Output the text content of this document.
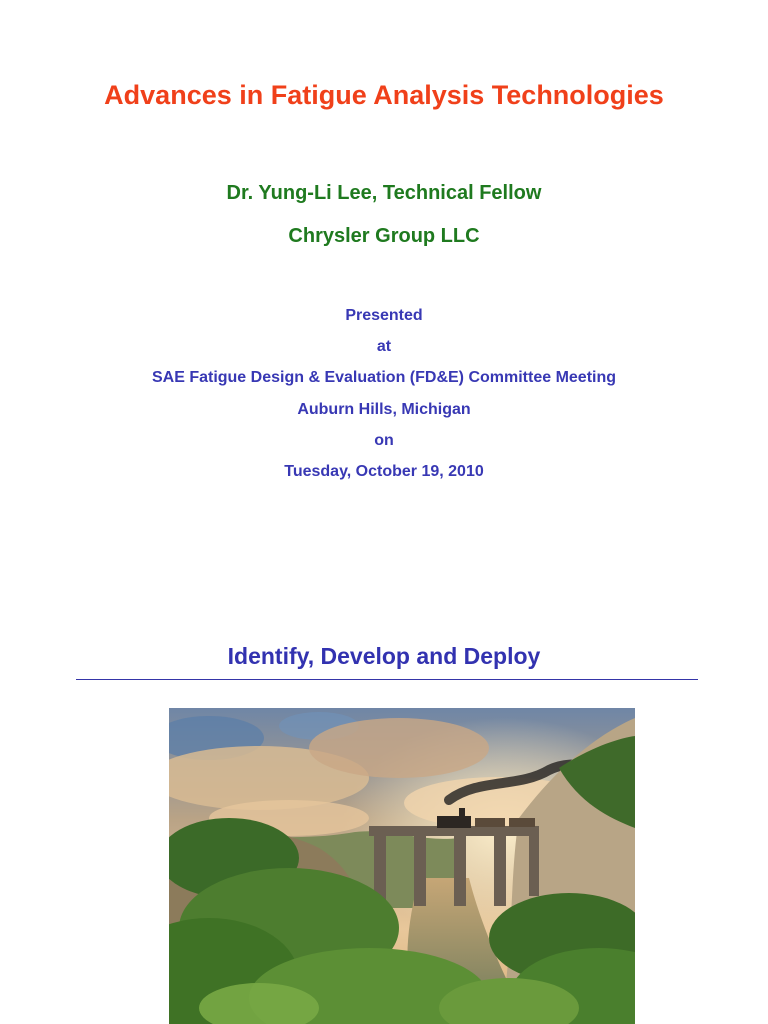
Advances in Fatigue Analysis Technologies
Dr. Yung-Li Lee, Technical Fellow
Chrysler Group LLC
Presented
at
SAE Fatigue Design & Evaluation (FD&E) Committee Meeting
Auburn Hills, Michigan
on
Tuesday, October 19, 2010
Identify, Develop and Deploy
